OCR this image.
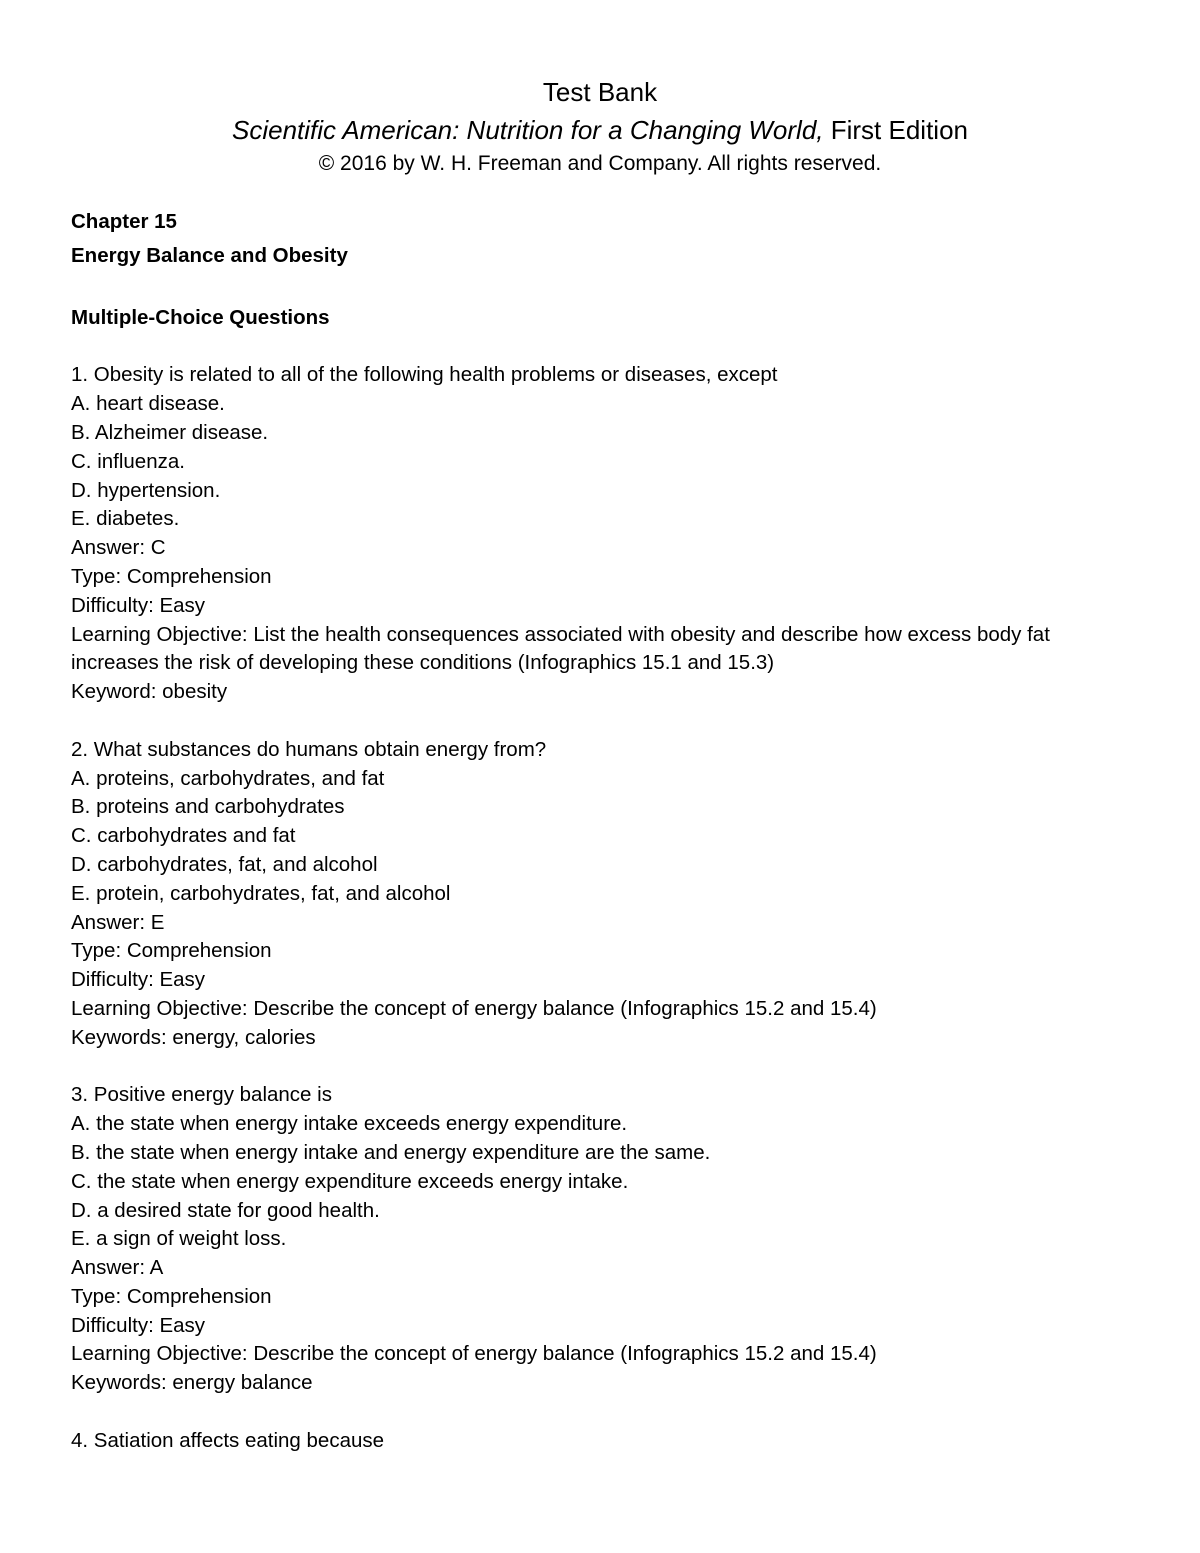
Test Bank
Scientific American: Nutrition for a Changing World, First Edition
© 2016 by W. H. Freeman and Company. All rights reserved.
Chapter 15
Energy Balance and Obesity
Multiple-Choice Questions
1. Obesity is related to all of the following health problems or diseases, except
A. heart disease.
B. Alzheimer disease.
C. influenza.
D. hypertension.
E. diabetes.
Answer: C
Type: Comprehension
Difficulty: Easy
Learning Objective: List the health consequences associated with obesity and describe how excess body fat increases the risk of developing these conditions (Infographics 15.1 and 15.3)
Keyword: obesity
2. What substances do humans obtain energy from?
A. proteins, carbohydrates, and fat
B. proteins and carbohydrates
C. carbohydrates and fat
D. carbohydrates, fat, and alcohol
E. protein, carbohydrates, fat, and alcohol
Answer: E
Type: Comprehension
Difficulty: Easy
Learning Objective: Describe the concept of energy balance (Infographics 15.2 and 15.4)
Keywords: energy, calories
3. Positive energy balance is
A. the state when energy intake exceeds energy expenditure.
B. the state when energy intake and energy expenditure are the same.
C. the state when energy expenditure exceeds energy intake.
D. a desired state for good health.
E. a sign of weight loss.
Answer: A
Type: Comprehension
Difficulty: Easy
Learning Objective: Describe the concept of energy balance (Infographics 15.2 and 15.4)
Keywords: energy balance
4. Satiation affects eating because
